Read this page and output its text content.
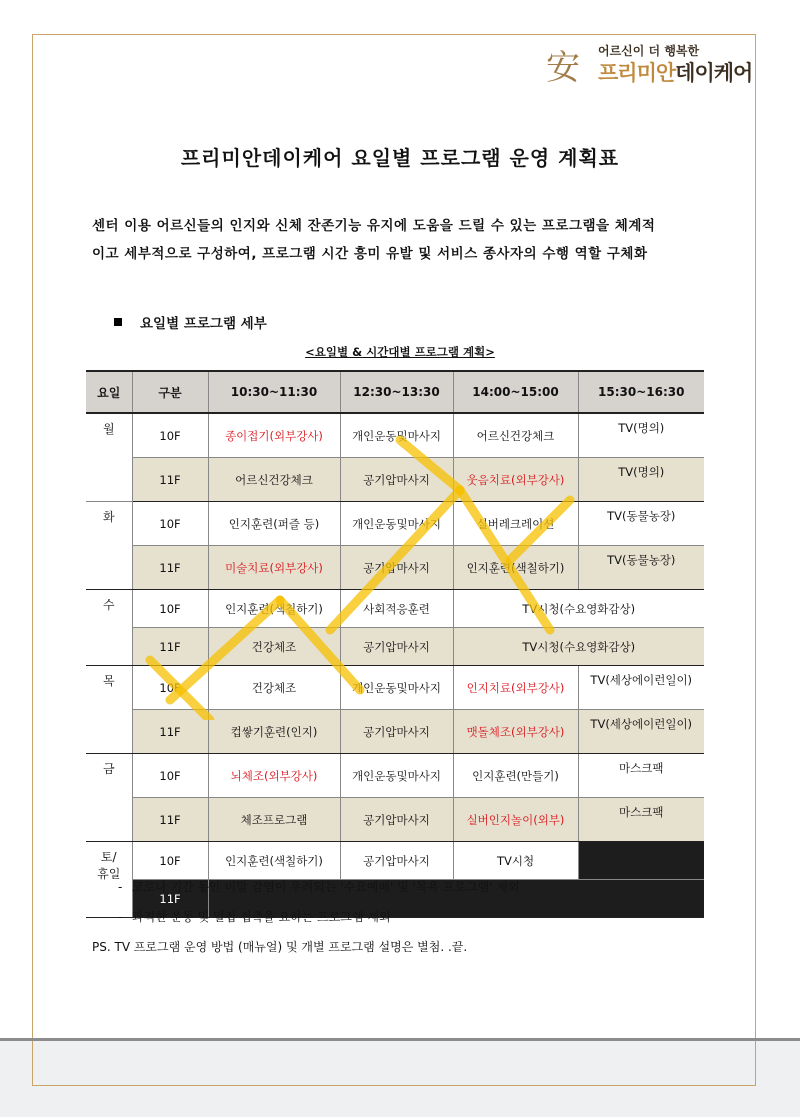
安 어르신이 더 행복한
프리미안데이케어
프리미안데이케어 요일별 프로그램 운영 계획표
센터 이용 어르신들의 인지와 신체 잔존기능 유지에 도움을 드릴 수 있는 프로그램을 체계적
이고 세부적으로 구성하여, 프로그램 시간 흥미 유발 및 서비스 종사자의 수행 역할 구체화
요일별 프로그램 세부
<요일별 & 시간대별 프로그램 계획>
요일	구분	10:30~11:30	12:30~13:30	14:00~15:00	15:30~16:30
월	10F	종이접기(외부강사)	개인운동및마사지	어르신건강체크	TV(명의)
	11F	어르신건강체크	공기압마사지	웃음치료(외부강사)	TV(명의)
화	10F	인지훈련(퍼즐 등)	개인운동및마사지	실버레크레이션	TV(동물농장)
	11F	미술치료(외부강사)	공기압마사지	인지훈련(색칠하기)	TV(동물농장)
수	10F	인지훈련(색칠하기)	사회적응훈련	TV시청(수요영화감상)	
	11F	건강체조	공기압마사지	TV시청(수요영화감상)	
목	10F	건강체조	개인운동및마사지	인지치료(외부강사)	TV(세상에이런일이)
	11F	컵쌓기훈련(인지)	공기압마사지	맷돌체조(외부강사)	TV(세상에이런일이)
금	10F	뇌체조(외부강사)	개인운동및마사지	인지훈련(만들기)	마스크팩
	11F	체조프로그램	공기압마사지	실버인지놀이(외부)	마스크팩
토/
휴일	10F	인지훈련(색칠하기)	공기압마사지	TV시청	
	11F				
- 코로나 기간 동안 비말 감염이 우려되는 '수요예배' 및 '목욕 프로그램' 제외
- 과격한 운동 및 밀접 접촉을 요하는 프로그램 제외
PS. TV 프로그램 운영 방법 (매뉴얼) 및 개별 프로그램 설명은 별첨. .끝.
